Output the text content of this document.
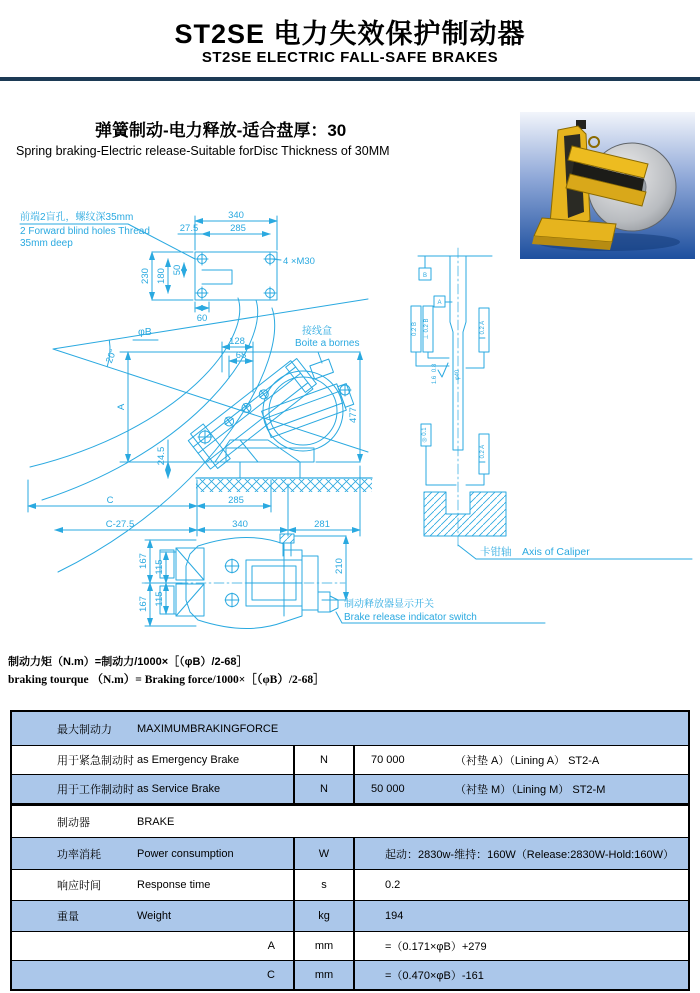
ST2SE 电力失效保护制动器
ST2SE ELECTRIC FALL-SAFE BRAKES
弹簧制动-电力释放-适合盘厚：30
Spring braking-Electric release-Suitable forDisc Thickness of 30MM
前端2盲孔，螺纹深35mm
2 Forward blind holes Thread
35mm deep
340
285
27.5
230 180 50
60
4 ×M30
φB
20°
128
68
A
24.5
477
C	285
C-27.5	340	281
接线盒
Boite a bornes
B
0.2 B ⊥ 0.2 B
A
∥ 0.2 A
◎ 0.1
∥ 0.2 A
φ40
0.8
1.6
卡钳轴 Axis of Caliper
167 115
115
167
210
制动释放器显示开关
Brake release indicator switch
制动力矩（N.m）=制动力/1000×［（φB）/2-68］
braking tourque （N.m）= Braking force/1000×［（φB）/2-68］
最大制动力	MAXIMUMBRAKINGFORCE
用于紧急制动时 as Emergency Brake	N	70 000	（衬垫 A）（Lining A） ST2-A
用于工作制动时 as Service Brake	N	50 000	（衬垫 M）（Lining M） ST2-M
制动器	BRAKE
功率消耗	Power consumption	W	起动：2830w-维持：160W（Release:2830W-Hold:160W）
响应时间	Response time	s	0.2
重量	Weight	kg	194
A	mm	=（0.171×φB）+279
C	mm	=（0.470×φB）-161
